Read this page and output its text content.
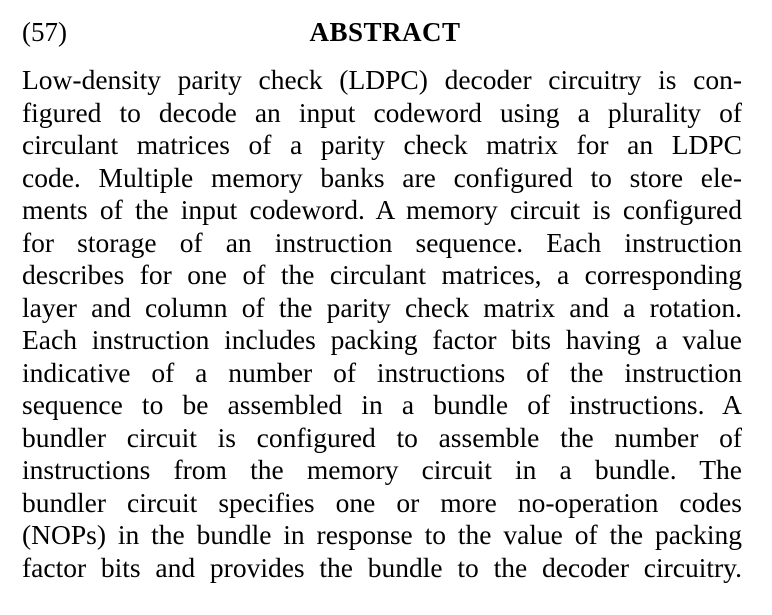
(57)	ABSTRACT
Low-density parity check (LDPC) decoder circuitry is con-
figured to decode an input codeword using a plurality of
circulant matrices of a parity check matrix for an LDPC
code. Multiple memory banks are configured to store ele-
ments of the input codeword. A memory circuit is configured
for storage of an instruction sequence. Each instruction
describes for one of the circulant matrices, a corresponding
layer and column of the parity check matrix and a rotation.
Each instruction includes packing factor bits having a value
indicative of a number of instructions of the instruction
sequence to be assembled in a bundle of instructions. A
bundler circuit is configured to assemble the number of
instructions from the memory circuit in a bundle. The
bundler circuit specifies one or more no-operation codes
(NOPs) in the bundle in response to the value of the packing
factor bits and provides the bundle to the decoder circuitry.
